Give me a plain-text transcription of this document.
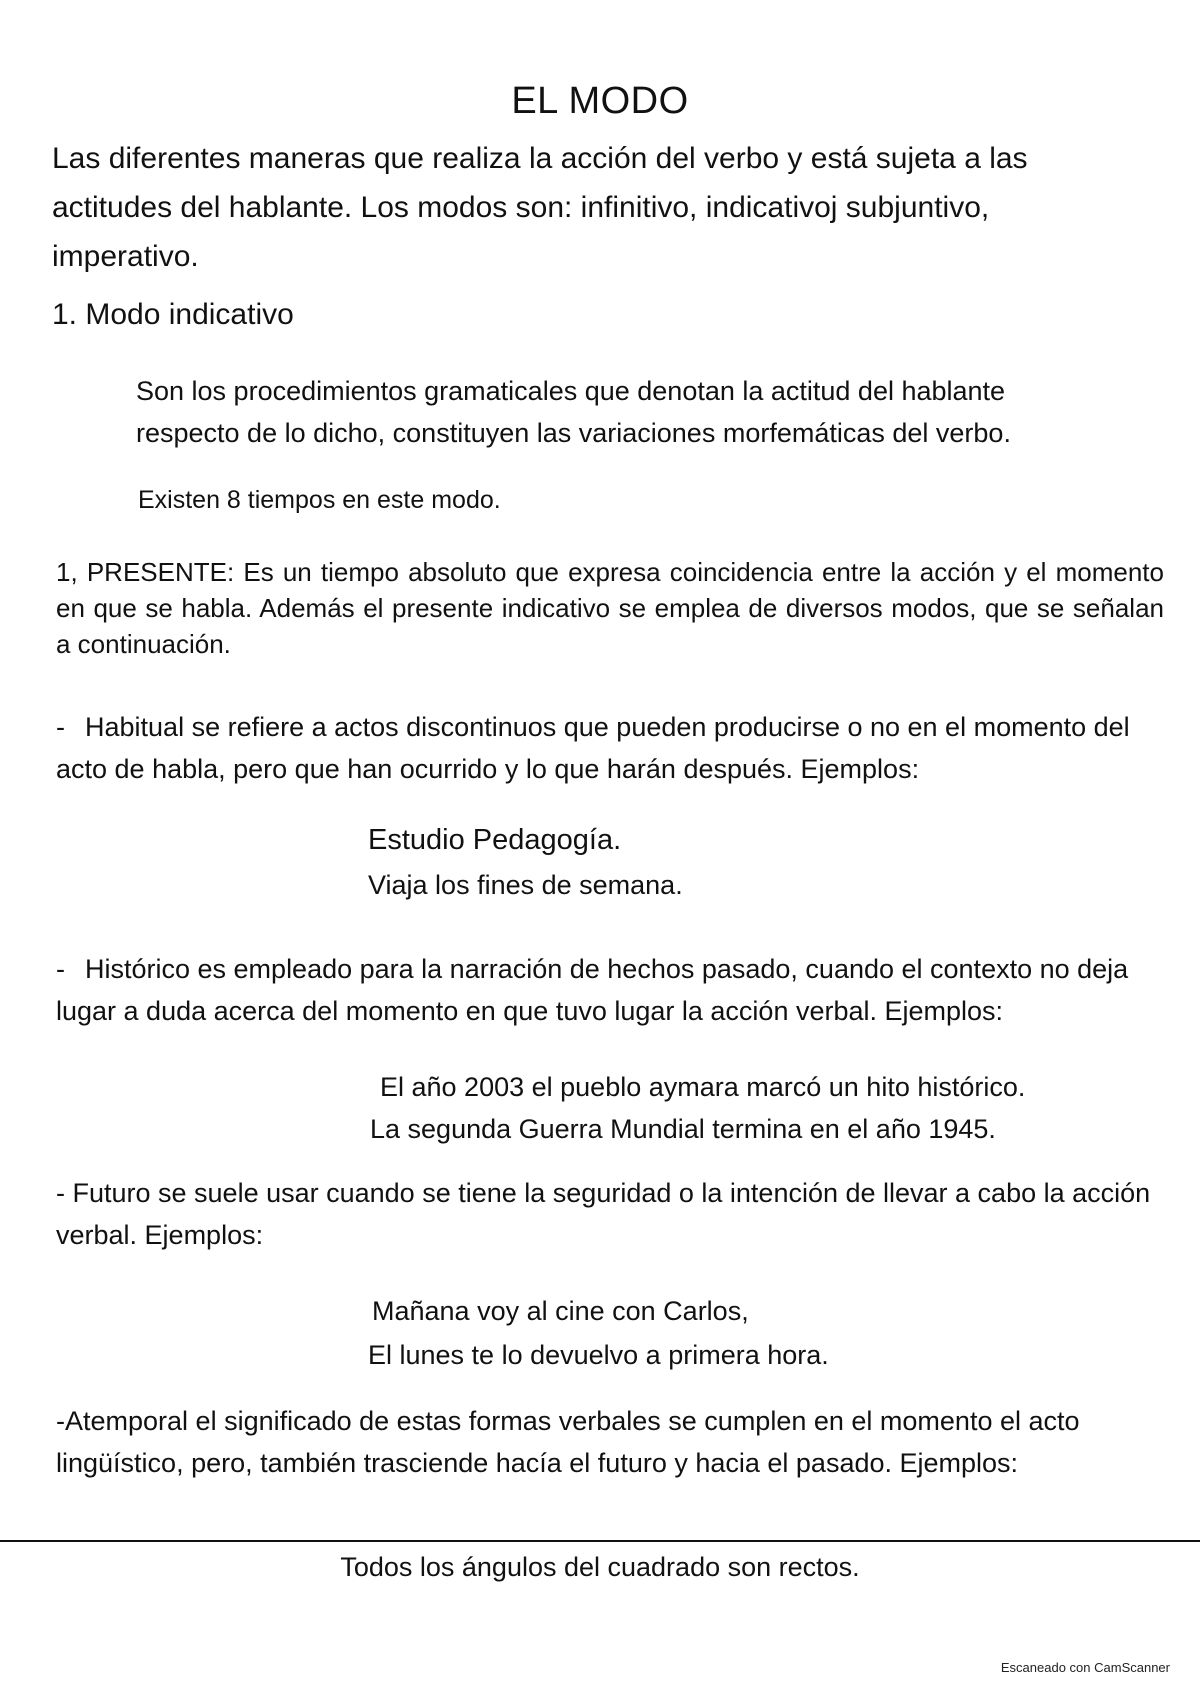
EL MODO
Las diferentes maneras que realiza la acción del verbo y está sujeta a las actitudes del hablante. Los modos son: infinitivo, indicativoj subjuntivo, imperativo.
1. Modo indicativo
Son los procedimientos gramaticales que denotan la actitud del hablante respecto de lo dicho, constituyen las variaciones morfemáticas del verbo.
Existen 8 tiempos en este modo.
1, PRESENTE: Es un tiempo absoluto que expresa coincidencia entre la acción y el momento en que se habla. Además el presente indicativo se emplea de diversos modos, que se señalan a continuación.
- Habitual se refiere a actos discontinuos que pueden producirse o no en el momento del acto de habla, pero que han ocurrido y lo que harán después. Ejemplos:
Estudio Pedagogía.
Viaja los fines de semana.
- Histórico es empleado para la narración de hechos pasado, cuando el contexto no deja lugar a duda acerca del momento en que tuvo lugar la acción verbal. Ejemplos:
El año 2003 el pueblo aymara marcó un hito histórico.
La segunda Guerra Mundial termina en el año 1945.
- Futuro se suele usar cuando se tiene la seguridad o la intención de llevar a cabo la acción verbal. Ejemplos:
Mañana voy al cine con Carlos,
El lunes te lo devuelvo a primera hora.
-Atemporal el significado de estas formas verbales se cumplen en el momento el acto lingüístico, pero, también trasciende hacía el futuro y hacia el pasado. Ejemplos:
Todos los ángulos del cuadrado son rectos.
Escaneado con CamScanner
